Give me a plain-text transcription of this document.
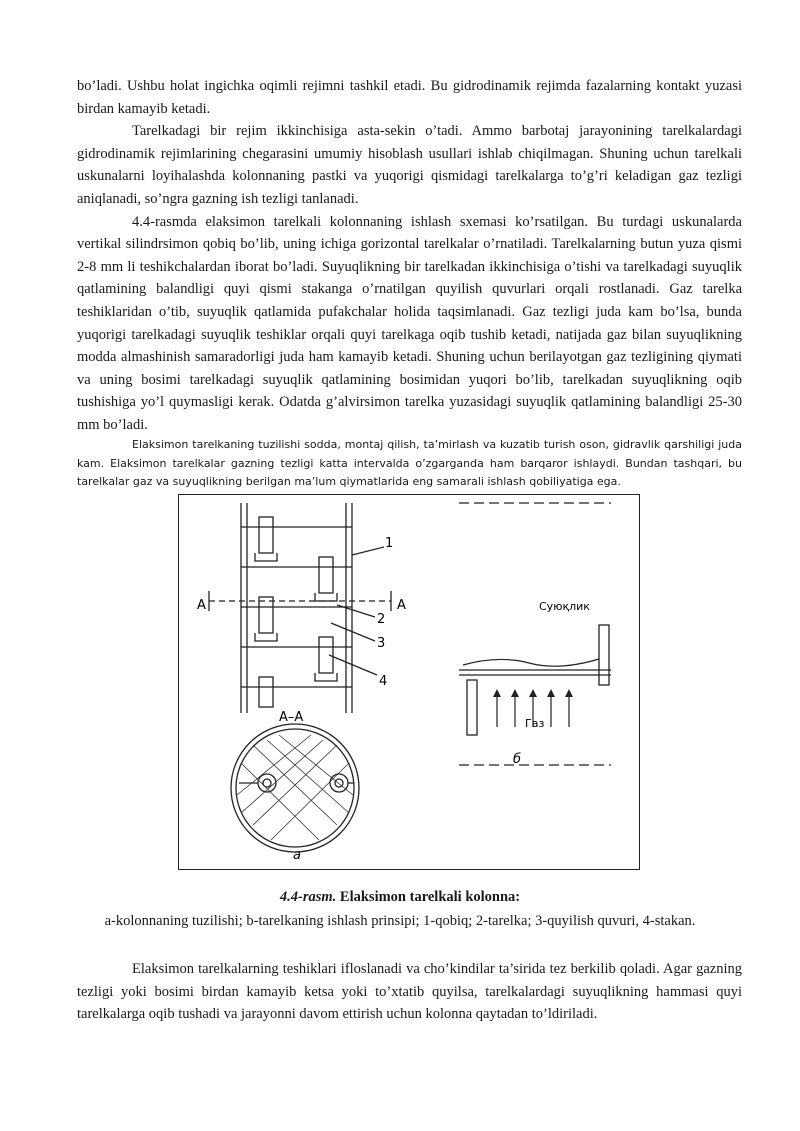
bo’ladi. Ushbu holat ingichka oqimli rejimni tashkil etadi. Bu gidrodinamik rejimda fazalarning kontakt yuzasi birdan kamayib ketadi.

Tarelkadagi bir rejim ikkinchisiga asta-sekin o’tadi. Ammo barbotaj jarayonining tarelkalardagi gidrodinamik rejimlarining chegarasini umumiy hisoblash usullari ishlab chiqilmagan. Shuning uchun tarelkali uskunalarni loyihalashda kolonnaning pastki va yuqorigi qismidagi tarelkalarga to’g’ri keladigan gaz tezligi aniqlanadi, so’ngra gazning ish tezligi tanlanadi.

4.4-rasmda elaksimon tarelkali kolonnaning ishlash sxemasi ko’rsatilgan. Bu turdagi uskunalarda vertikal silindrsimon qobiq bo’lib, uning ichiga gorizontal tarelkalar o’rnatiladi. Tarelkalarning butun yuza qismi 2-8 mm li teshikchalardan iborat bo’ladi. Suyuqlikning bir tarelkadan ikkinchisiga o’tishi va tarelkadagi suyuqlik qatlamining balandligi quyi qismi stakanga o’rnatilgan quyilish quvurlari orqali rostlanadi. Gaz tarelka teshiklaridan o’tib, suyuqlik qatlamida pufakchalar holida taqsimlanadi. Gaz tezligi juda kam bo’lsa, bunda yuqorigi tarelkadagi suyuqlik teshiklar orqali quyi tarelkaga oqib tushib ketadi, natijada gaz bilan suyuqlikning modda almashinish samaradorligi juda ham kamayib ketadi. Shuning uchun berilayotgan gaz tezligining qiymati va uning bosimi tarelkadagi suyuqlik qatlamining bosimidan yuqori bo’lib, tarelkadan suyuqlikning oqib tushishiga yo’l quymasligi kerak. Odatda g’alvirsimon tarelka yuzasidagi suyuqlik qatlamining balandligi 25-30 mm bo’ladi.

Elaksimon tarelkaning tuzilishi sodda, montaj qilish, ta’mirlash va kuzatib turish oson, gidravlik qarshiligi juda kam. Elaksimon tarelkalar gazning tezligi katta intervalda o’zgarganda ham barqaror ishlaydi. Bundan tashqari, bu tarelkalar gaz va suyuqlikning berilgan ma’lum qiymatlarida eng samarali ishlash qobiliyatiga ega.

1
2
3
4
A	A
A–A
Суюқлик
Газ
a
б
4.4-rasm. Elaksimon tarelkali kolonna:
a-kolonnaning tuzilishi; b-tarelkaning ishlash prinsipi; 1-qobiq; 2-tarelka; 3-quyilish quvuri, 4-stakan.

Elaksimon tarelkalarning teshiklari ifloslanadi va cho’kindilar ta’sirida tez berkilib qoladi. Agar gazning tezligi yoki bosimi birdan kamayib ketsa yoki to’xtatib quyilsa, tarelkalardagi suyuqlikning hammasi quyi tarelkalarga oqib tushadi va jarayonni davom ettirish uchun kolonna qaytadan to’ldiriladi.
